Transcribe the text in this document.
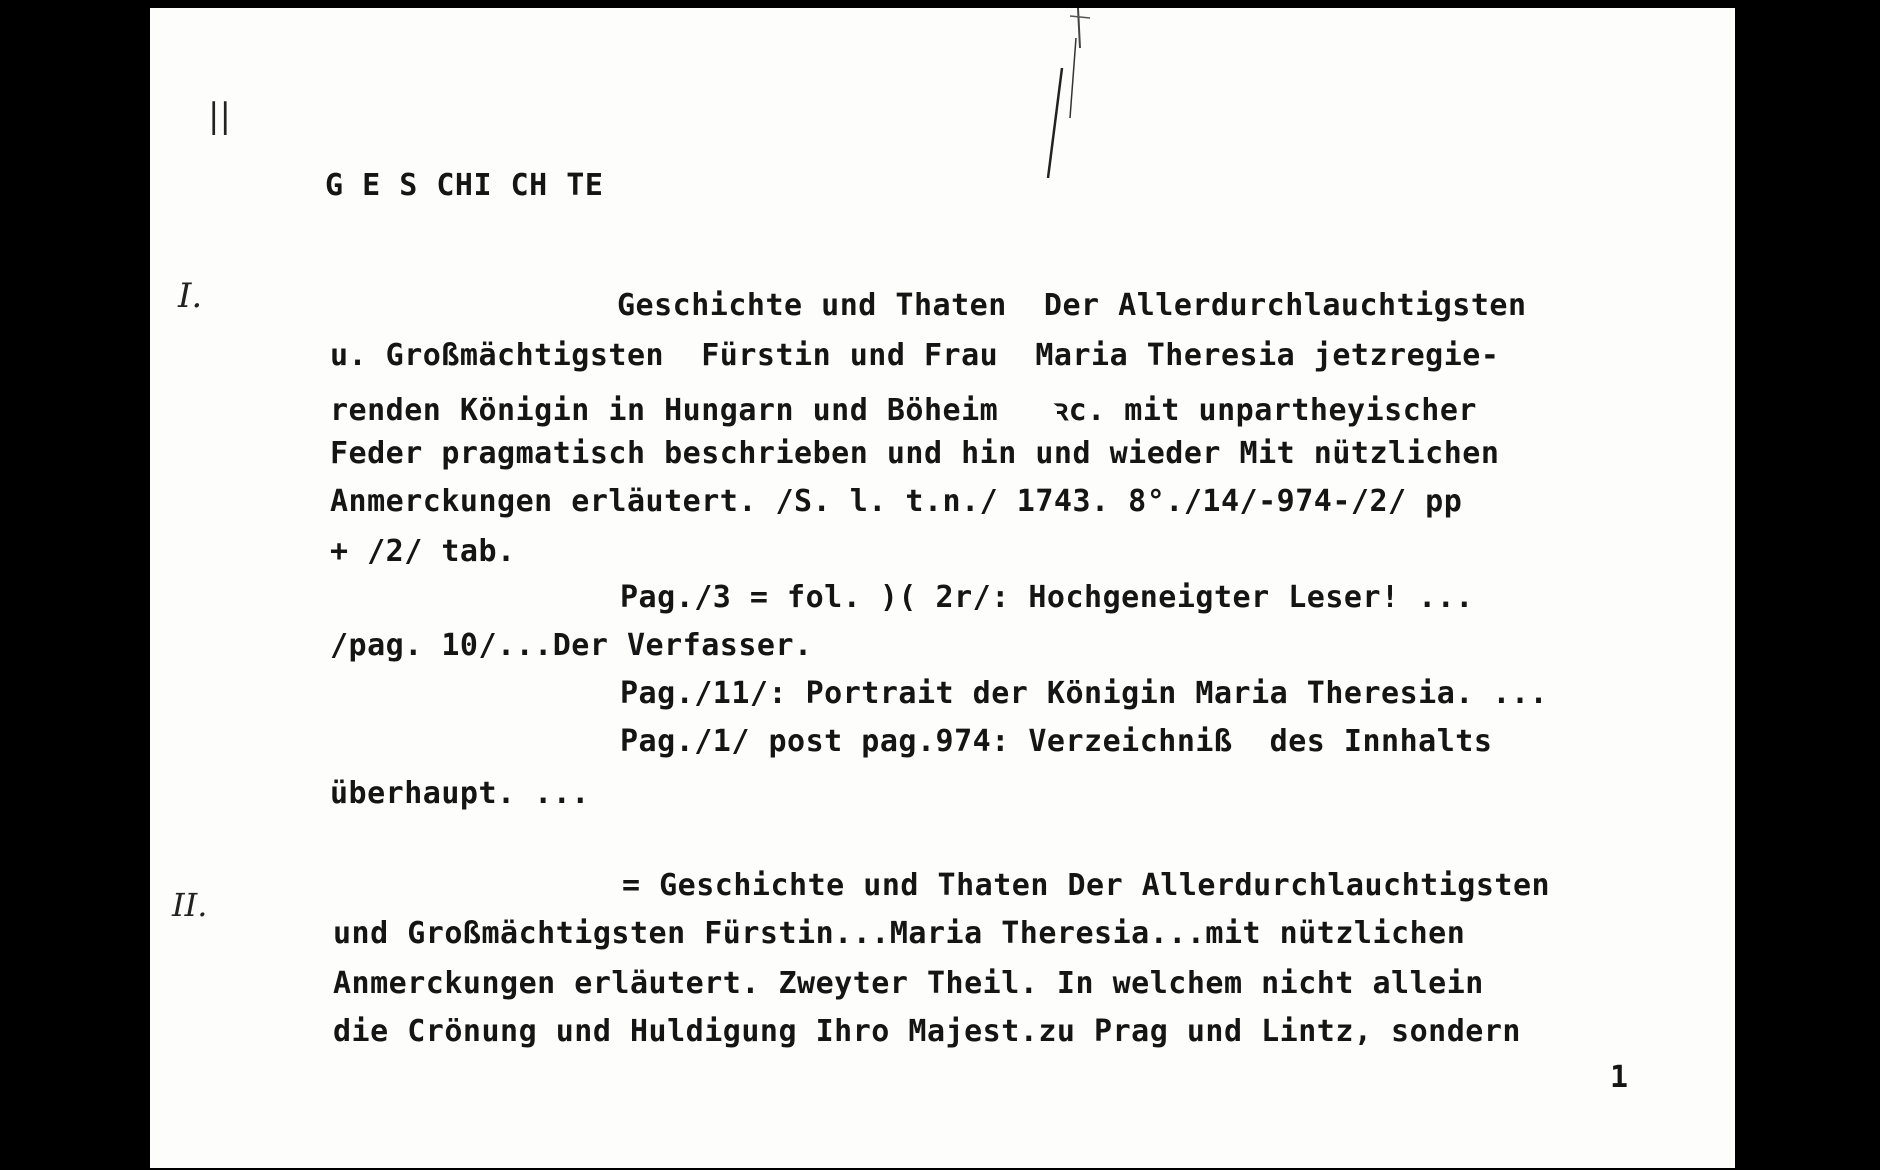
||
I.
II.
G E S CHI CH TE
Geschichte und Thaten  Der Allerdurchlauchtigsten
u. Großmächtigsten  Fürstin und Frau  Maria Theresia jetzregie-
renden Königin in Hungarn und Böheim   ꝛc. mit unpartheyischer
Feder pragmatisch beschrieben und hin und wieder Mit nützlichen
Anmerckungen erläutert. /S. l. t.n./ 1743. 8°./14/-974-/2/ pp
+ /2/ tab.
Pag./3 = fol. )( 2r/: Hochgeneigter Leser! ...
/pag. 10/...Der Verfasser.
Pag./11/: Portrait der Königin Maria Theresia. ...
Pag./1/ post pag.974: Verzeichniß  des Innhalts
überhaupt. ...
= Geschichte und Thaten Der Allerdurchlauchtigsten
und Großmächtigsten Fürstin...Maria Theresia...mit nützlichen
Anmerckungen erläutert. Zweyter Theil. In welchem nicht allein
die Crönung und Huldigung Ihro Majest.zu Prag und Lintz, sondern
1
